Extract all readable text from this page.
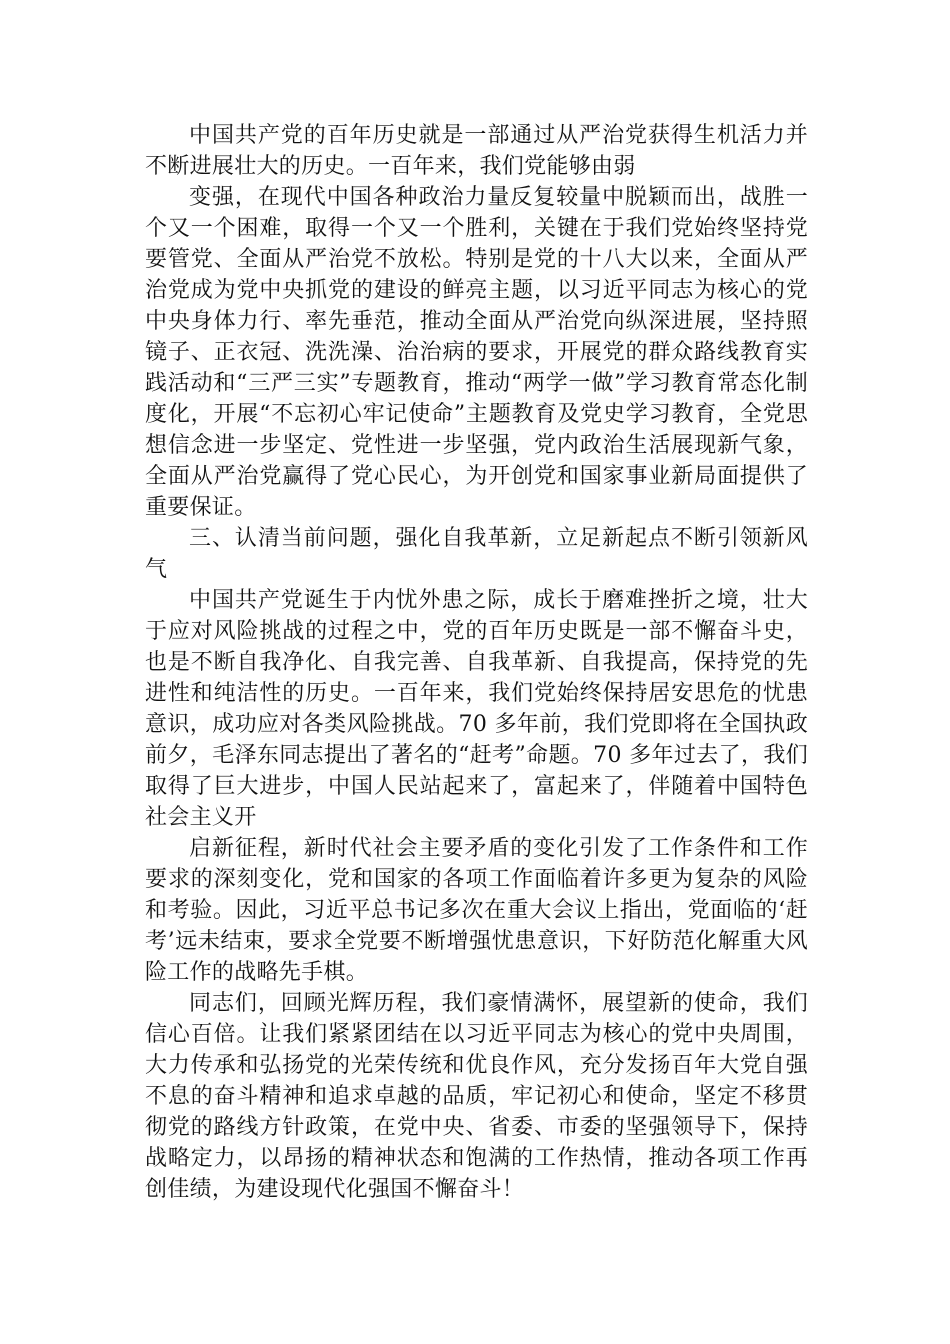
中国共产党的百年历史就是一部通过从严治党获得生机活力并不断进展壮大的历史。一百年来，我们党能够由弱

变强，在现代中国各种政治力量反复较量中脱颖而出，战胜一个又一个困难，取得一个又一个胜利，关键在于我们党始终坚持党要管党、全面从严治党不放松。特别是党的十八大以来，全面从严治党成为党中央抓党的建设的鲜亮主题，以习近平同志为核心的党中央身体力行、率先垂范，推动全面从严治党向纵深进展，坚持照镜子、正衣冠、洗洗澡、治治病的要求，开展党的群众路线教育实践活动和“三严三实”专题教育，推动“两学一做”学习教育常态化制度化，开展“不忘初心牢记使命”主题教育及党史学习教育，全党思想信念进一步坚定、党性进一步坚强，党内政治生活展现新气象，全面从严治党赢得了党心民心，为开创党和国家事业新局面提供了重要保证。

三、认清当前问题，强化自我革新，立足新起点不断引领新风气

中国共产党诞生于内忧外患之际，成长于磨难挫折之境，壮大于应对风险挑战的过程之中，党的百年历史既是一部不懈奋斗史，也是不断自我净化、自我完善、自我革新、自我提高，保持党的先进性和纯洁性的历史。一百年来，我们党始终保持居安思危的忧患意识，成功应对各类风险挑战。70 多年前，我们党即将在全国执政前夕，毛泽东同志提出了著名的“赶考”命题。70 多年过去了，我们取得了巨大进步，中国人民站起来了，富起来了，伴随着中国特色社会主义开

启新征程，新时代社会主要矛盾的变化引发了工作条件和工作要求的深刻变化，党和国家的各项工作面临着许多更为复杂的风险和考验。因此，习近平总书记多次在重大会议上指出，党面临的‘赶考’远未结束，要求全党要不断增强忧患意识，下好防范化解重大风险工作的战略先手棋。

同志们，回顾光辉历程，我们豪情满怀，展望新的使命，我们信心百倍。让我们紧紧团结在以习近平同志为核心的党中央周围，大力传承和弘扬党的光荣传统和优良作风，充分发扬百年大党自强不息的奋斗精神和追求卓越的品质，牢记初心和使命，坚定不移贯彻党的路线方针政策，在党中央、省委、市委的坚强领导下，保持战略定力，以昂扬的精神状态和饱满的工作热情，推动各项工作再创佳绩，为建设现代化强国不懈奋斗！
